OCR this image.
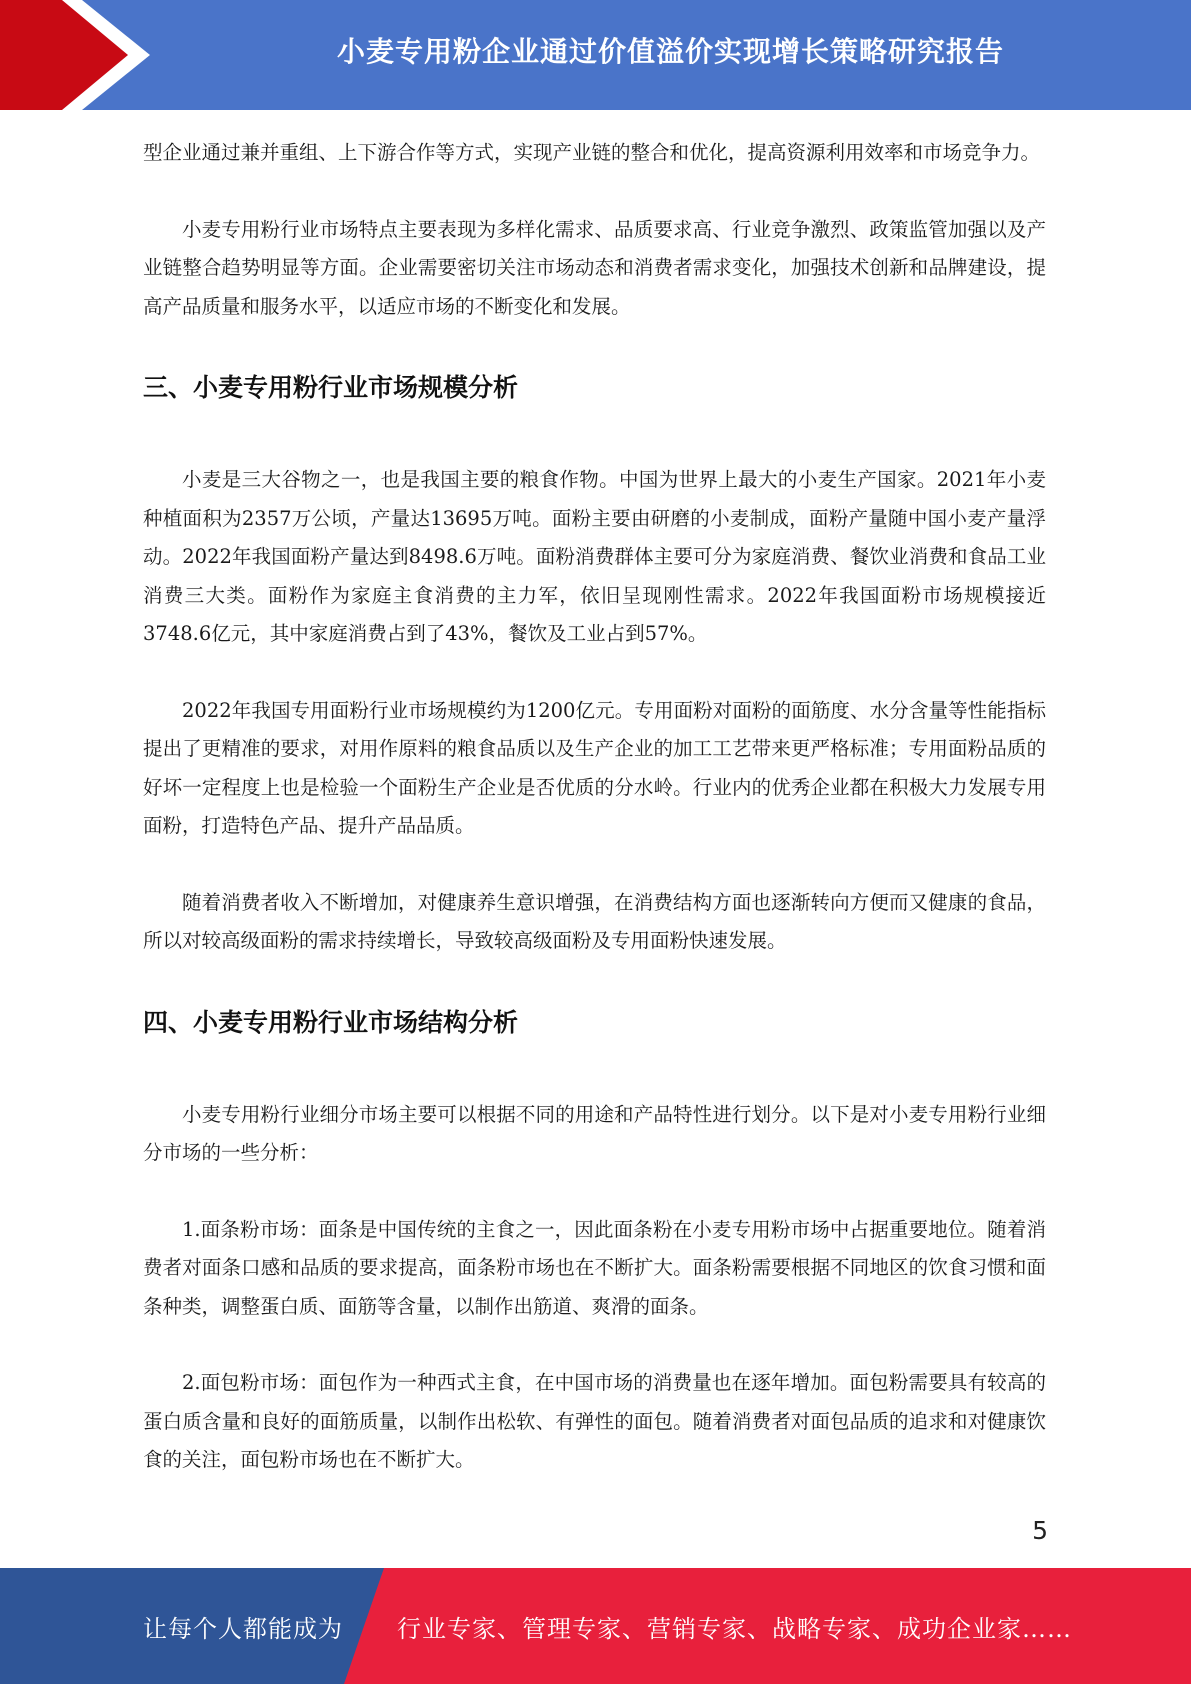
小麦专用粉企业通过价值溢价实现增长策略研究报告

型企业通过兼并重组、上下游合作等方式，实现产业链的整合和优化，提高资源利用效率和市场竞争力。

小麦专用粉行业市场特点主要表现为多样化需求、品质要求高、行业竞争激烈、政策监管加强以及产业链整合趋势明显等方面。企业需要密切关注市场动态和消费者需求变化，加强技术创新和品牌建设，提高产品质量和服务水平，以适应市场的不断变化和发展。

三、小麦专用粉行业市场规模分析

小麦是三大谷物之一，也是我国主要的粮食作物。中国为世界上最大的小麦生产国家。2021年小麦种植面积为2357万公顷，产量达13695万吨。面粉主要由研磨的小麦制成，面粉产量随中国小麦产量浮动。2022年我国面粉产量达到8498.6万吨。面粉消费群体主要可分为家庭消费、餐饮业消费和食品工业消费三大类。面粉作为家庭主食消费的主力军，依旧呈现刚性需求。2022年我国面粉市场规模接近3748.6亿元，其中家庭消费占到了43%，餐饮及工业占到57%。

2022年我国专用面粉行业市场规模约为1200亿元。专用面粉对面粉的面筋度、水分含量等性能指标提出了更精准的要求，对用作原料的粮食品质以及生产企业的加工工艺带来更严格标准；专用面粉品质的好坏一定程度上也是检验一个面粉生产企业是否优质的分水岭。行业内的优秀企业都在积极大力发展专用面粉，打造特色产品、提升产品品质。

随着消费者收入不断增加，对健康养生意识增强，在消费结构方面也逐渐转向方便而又健康的食品，所以对较高级面粉的需求持续增长，导致较高级面粉及专用面粉快速发展。

四、小麦专用粉行业市场结构分析

小麦专用粉行业细分市场主要可以根据不同的用途和产品特性进行划分。以下是对小麦专用粉行业细分市场的一些分析：

1.面条粉市场：面条是中国传统的主食之一，因此面条粉在小麦专用粉市场中占据重要地位。随着消费者对面条口感和品质的要求提高，面条粉市场也在不断扩大。面条粉需要根据不同地区的饮食习惯和面条种类，调整蛋白质、面筋等含量，以制作出筋道、爽滑的面条。

2.面包粉市场：面包作为一种西式主食，在中国市场的消费量也在逐年增加。面包粉需要具有较高的蛋白质含量和良好的面筋质量，以制作出松软、有弹性的面包。随着消费者对面包品质的追求和对健康饮食的关注，面包粉市场也在不断扩大。

5
让每个人都能成为 行业专家、管理专家、营销专家、战略专家、成功企业家……
